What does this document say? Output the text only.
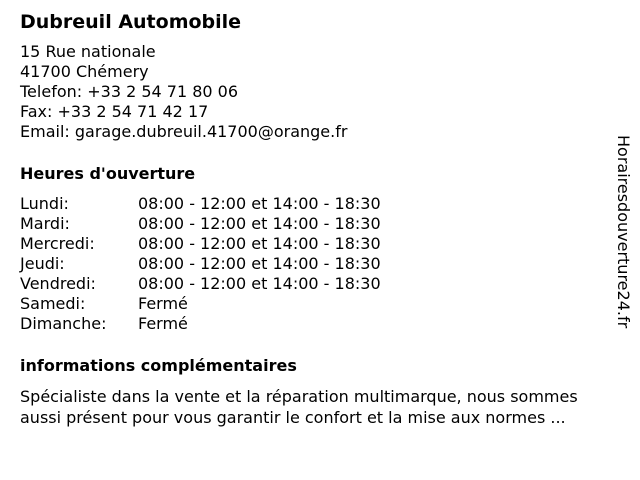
Dubreuil Automobile
15 Rue nationale
41700 Chémery
Telefon: +33 2 54 71 80 06
Fax: +33 2 54 71 42 17
Email: garage.dubreuil.41700@orange.fr
Heures d'ouverture
Lundi:	08:00 - 12:00 et 14:00 - 18:30
Mardi:	08:00 - 12:00 et 14:00 - 18:30
Mercredi:	08:00 - 12:00 et 14:00 - 18:30
Jeudi:	08:00 - 12:00 et 14:00 - 18:30
Vendredi:	08:00 - 12:00 et 14:00 - 18:30
Samedi:	Fermé
Dimanche:	Fermé
informations complémentaires
Spécialiste dans la vente et la réparation multimarque, nous sommes aussi présent pour vous garantir le confort et la mise aux normes ...
Horairesdouverture24.fr
